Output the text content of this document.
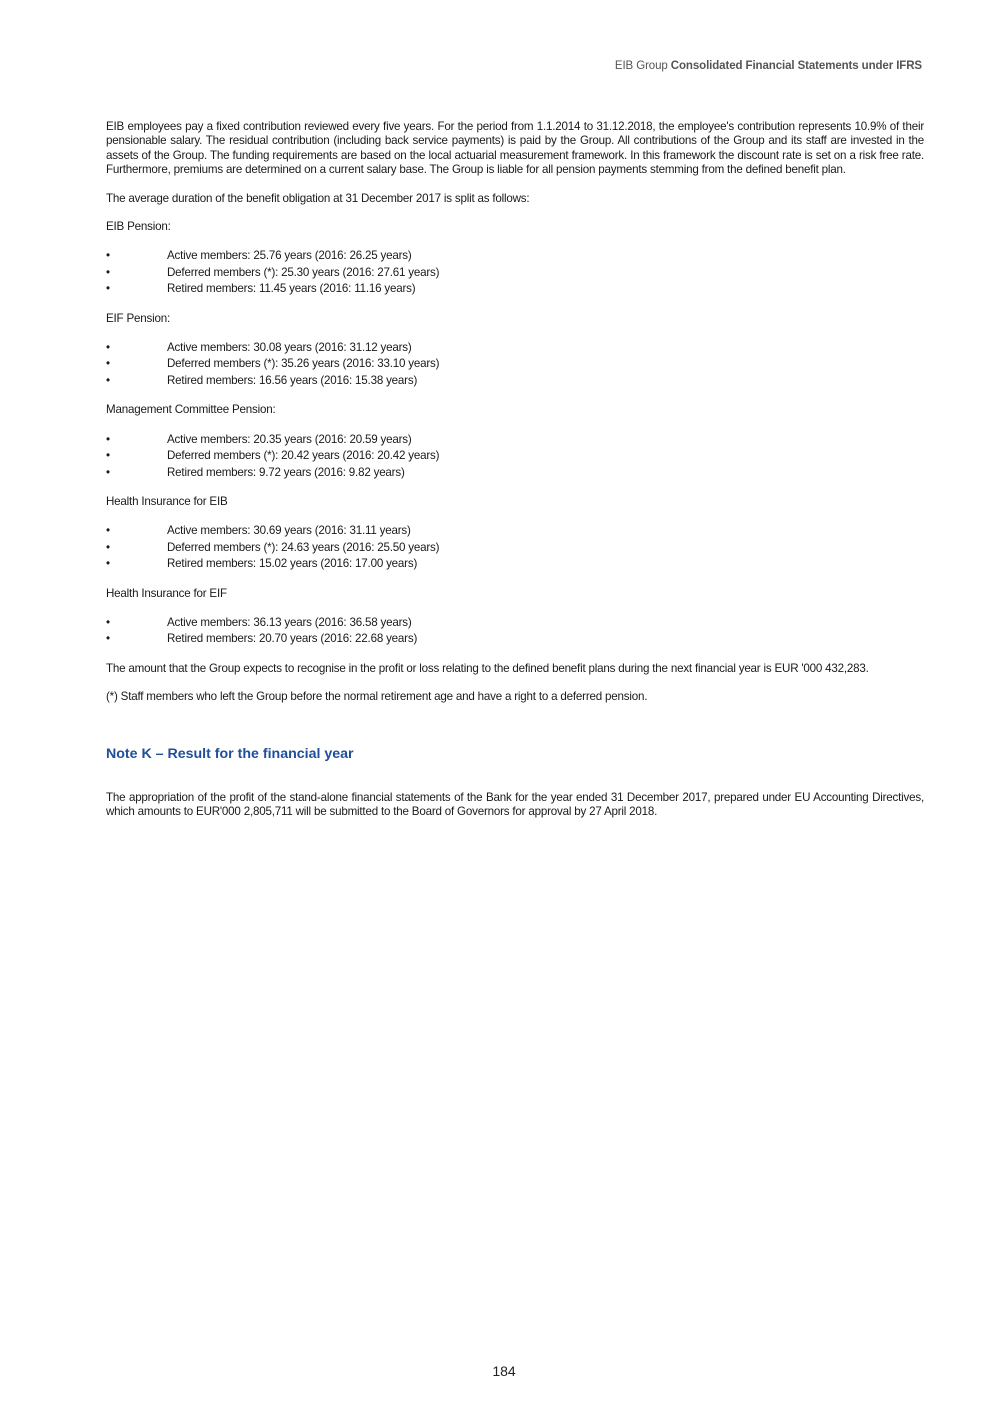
EIB Group Consolidated Financial Statements under IFRS

EIB employees pay a fixed contribution reviewed every five years. For the period from 1.1.2014 to 31.12.2018, the employee's contribution represents 10.9% of their pensionable salary. The residual contribution (including back service payments) is paid by the Group. All contributions of the Group and its staff are invested in the assets of the Group. The funding requirements are based on the local actuarial measurement framework. In this framework the discount rate is set on a risk free rate. Furthermore, premiums are determined on a current salary base. The Group is liable for all pension payments stemming from the defined benefit plan.

The average duration of the benefit obligation at 31 December 2017 is split as follows:

EIB Pension:
•	Active members: 25.76 years (2016: 26.25 years)
•	Deferred members (*): 25.30 years (2016: 27.61 years)
•	Retired members: 11.45 years (2016: 11.16 years)
EIF Pension:
•	Active members: 30.08 years (2016: 31.12 years)
•	Deferred members (*): 35.26 years (2016: 33.10 years)
•	Retired members: 16.56 years (2016: 15.38 years)
Management Committee Pension:
•	Active members: 20.35 years (2016: 20.59 years)
•	Deferred members (*): 20.42 years (2016: 20.42 years)
•	Retired members: 9.72 years (2016: 9.82 years)
Health Insurance for EIB
•	Active members: 30.69 years (2016: 31.11 years)
•	Deferred members (*): 24.63 years (2016: 25.50 years)
•	Retired members: 15.02 years (2016: 17.00 years)
Health Insurance for EIF
•	Active members: 36.13 years (2016: 36.58 years)
•	Retired members: 20.70 years (2016: 22.68 years)

The amount that the Group expects to recognise in the profit or loss relating to the defined benefit plans during the next financial year is EUR '000 432,283.

(*) Staff members who left the Group before the normal retirement age and have a right to a deferred pension.

Note K – Result for the financial year

The appropriation of the profit of the stand-alone financial statements of the Bank for the year ended 31 December 2017, prepared under EU Accounting Directives, which amounts to EUR'000 2,805,711 will be submitted to the Board of Governors for approval by 27 April 2018.

184
